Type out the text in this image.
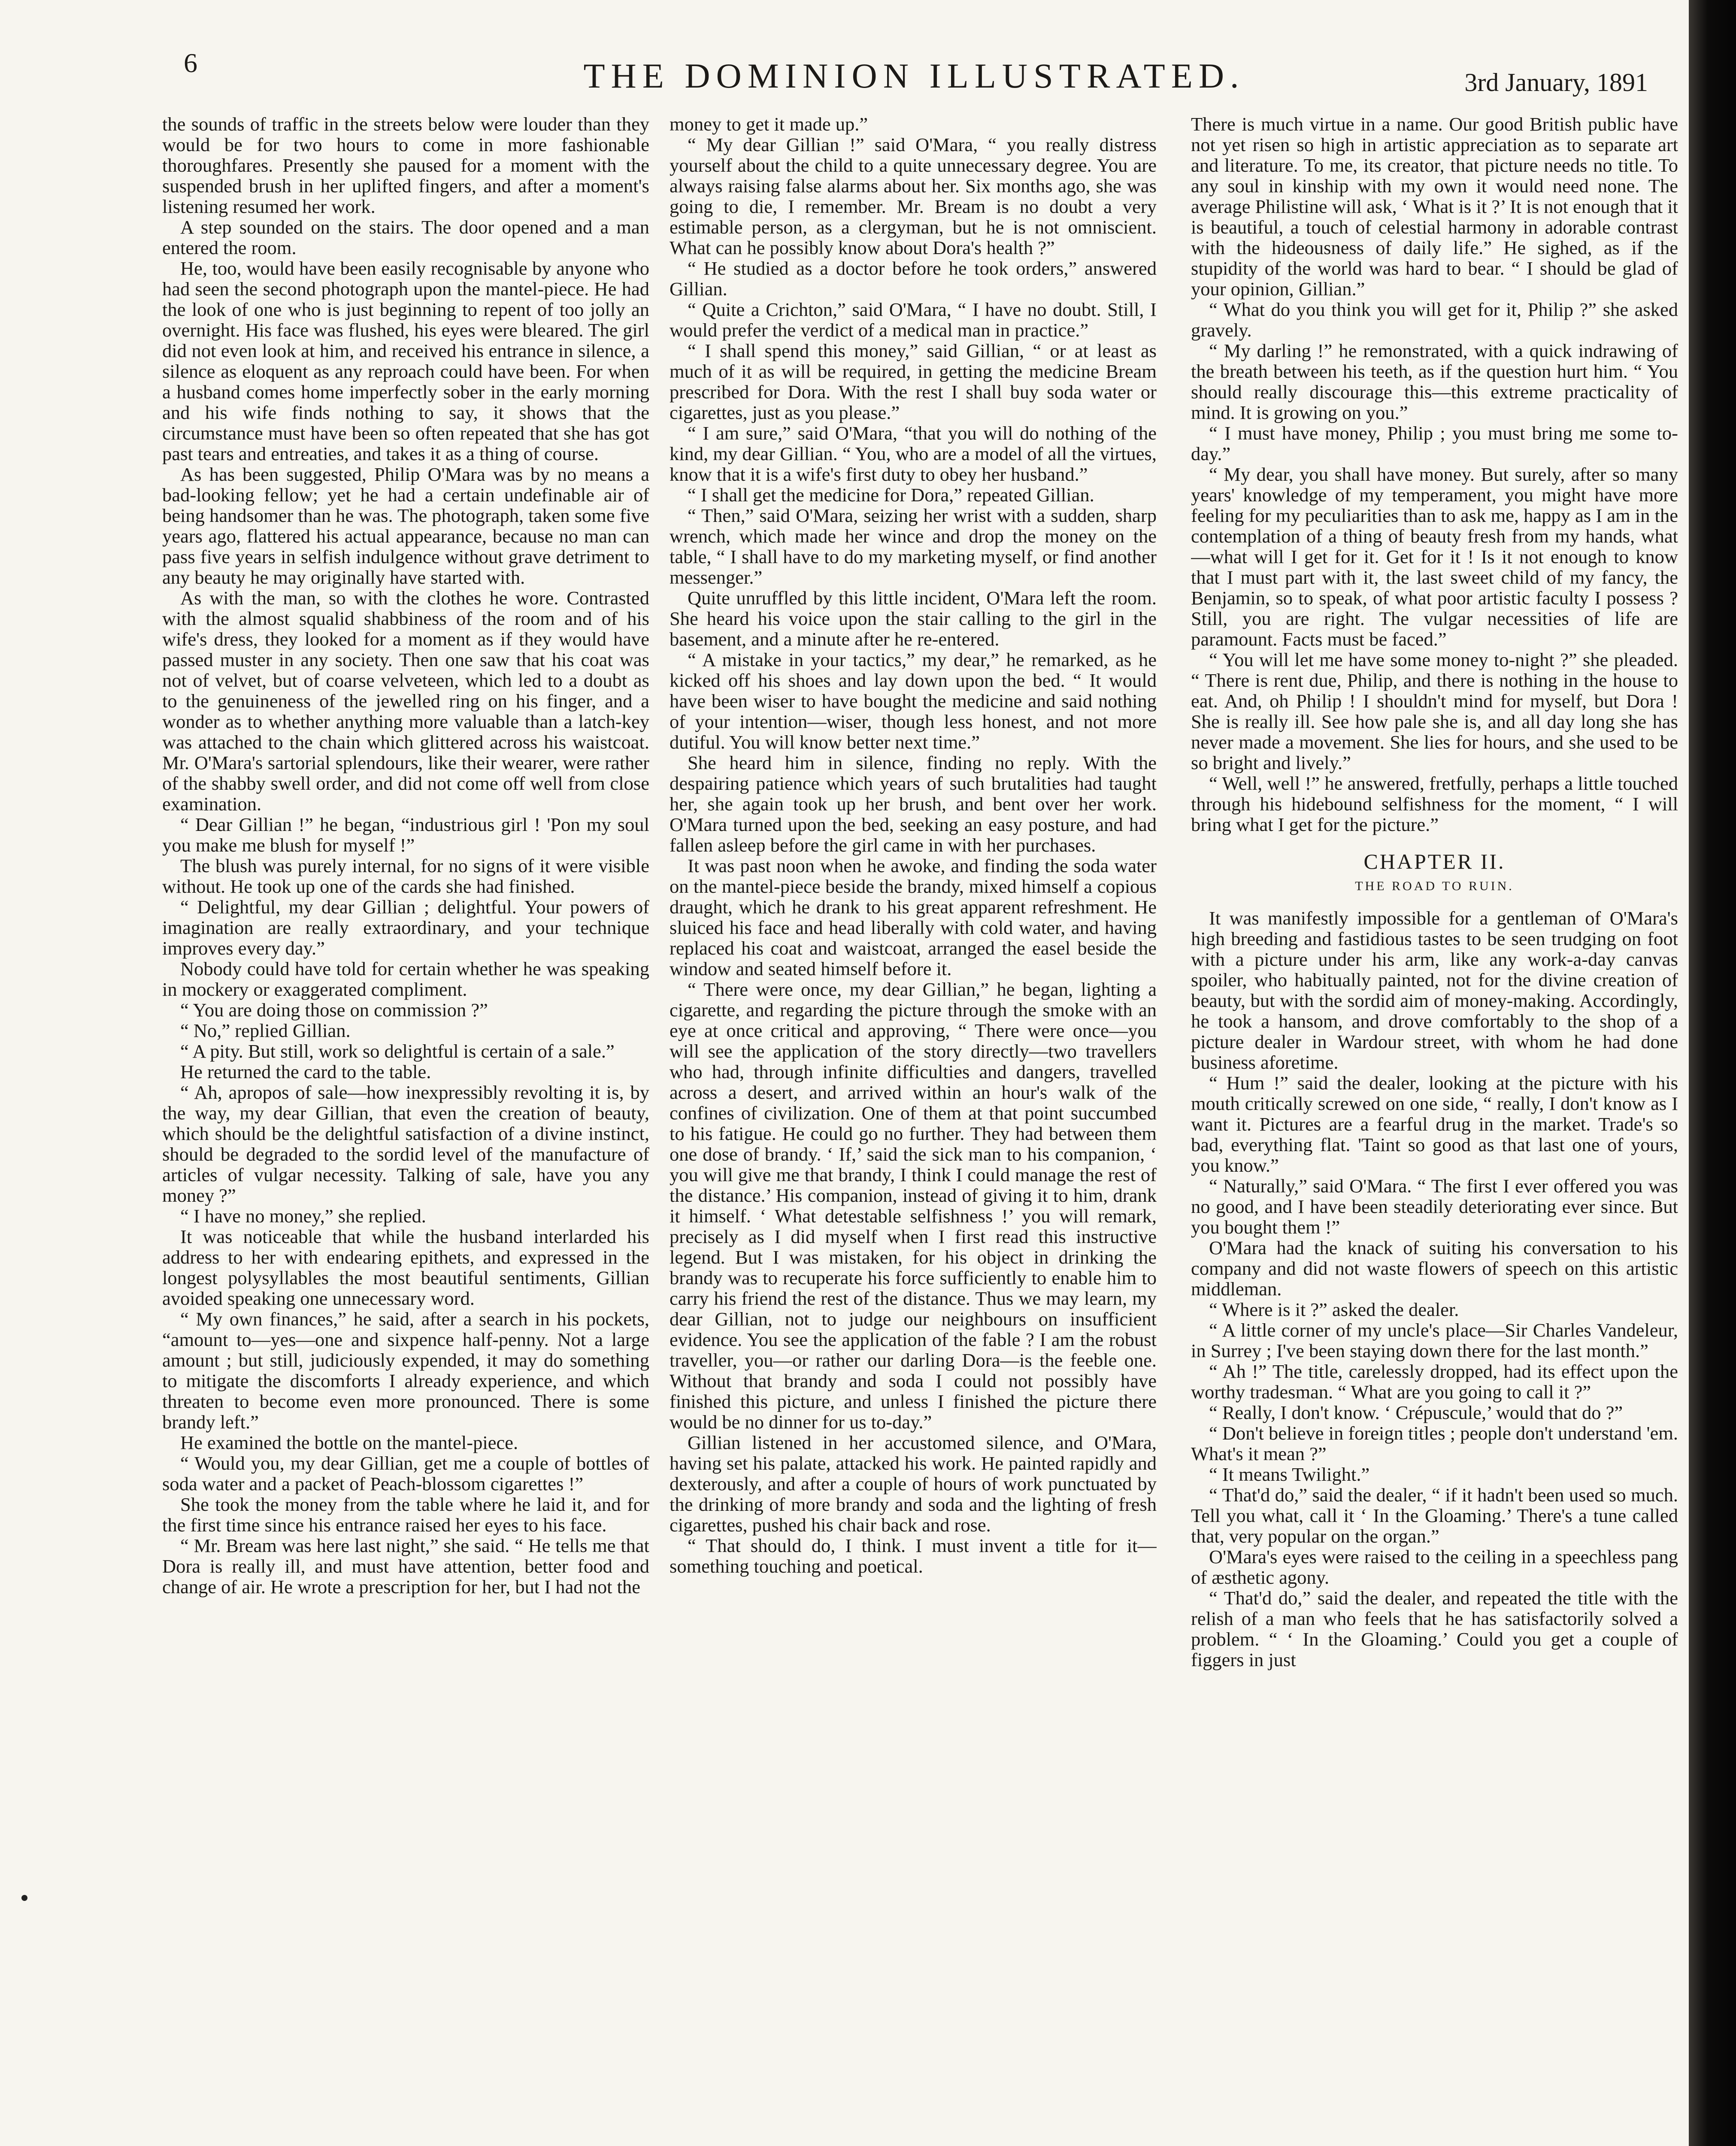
6	THE DOMINION ILLUSTRATED.	3rd January, 1891

the sounds of traffic in the streets below were louder than they would be for two hours to come in more fashionable thoroughfares. Presently she paused for a moment with the suspended brush in her uplifted fingers, and after a moment's listening resumed her work.

A step sounded on the stairs. The door opened and a man entered the room.

He, too, would have been easily recognisable by anyone who had seen the second photograph upon the mantel-piece. He had the look of one who is just beginning to repent of too jolly an overnight. His face was flushed, his eyes were bleared. The girl did not even look at him, and received his entrance in silence, a silence as eloquent as any reproach could have been. For when a husband comes home imperfectly sober in the early morning and his wife finds nothing to say, it shows that the circumstance must have been so often repeated that she has got past tears and entreaties, and takes it as a thing of course.

As has been suggested, Philip O'Mara was by no means a bad-looking fellow; yet he had a certain undefinable air of being handsomer than he was. The photograph, taken some five years ago, flattered his actual appearance, because no man can pass five years in selfish indulgence without grave detriment to any beauty he may originally have started with.

As with the man, so with the clothes he wore. Contrasted with the almost squalid shabbiness of the room and of his wife's dress, they looked for a moment as if they would have passed muster in any society. Then one saw that his coat was not of velvet, but of coarse velveteen, which led to a doubt as to the genuineness of the jewelled ring on his finger, and a wonder as to whether anything more valuable than a latch-key was attached to the chain which glittered across his waistcoat. Mr. O'Mara's sartorial splendours, like their wearer, were rather of the shabby swell order, and did not come off well from close examination.

“ Dear Gillian !” he began, “industrious girl ! 'Pon my soul you make me blush for myself !”

The blush was purely internal, for no signs of it were visible without. He took up one of the cards she had finished.

“ Delightful, my dear Gillian ; delightful. Your powers of imagination are really extraordinary, and your technique improves every day.”

Nobody could have told for certain whether he was speaking in mockery or exaggerated compliment.

“ You are doing those on commission ?”

“ No,” replied Gillian.

“ A pity. But still, work so delightful is certain of a sale.”

He returned the card to the table.

“ Ah, apropos of sale—how inexpressibly revolting it is, by the way, my dear Gillian, that even the creation of beauty, which should be the delightful satisfaction of a divine instinct, should be degraded to the sordid level of the manufacture of articles of vulgar necessity. Talking of sale, have you any money ?”

“ I have no money,” she replied.

It was noticeable that while the husband interlarded his address to her with endearing epithets, and expressed in the longest polysyllables the most beautiful sentiments, Gillian avoided speaking one unnecessary word.

“ My own finances,” he said, after a search in his pockets, “amount to—yes—one and sixpence half-penny. Not a large amount ; but still, judiciously expended, it may do something to mitigate the discomforts I already experience, and which threaten to become even more pronounced. There is some brandy left.”

He examined the bottle on the mantel-piece.

“ Would you, my dear Gillian, get me a couple of bottles of soda water and a packet of Peach-blossom cigarettes !”

She took the money from the table where he laid it, and for the first time since his entrance raised her eyes to his face.

“ Mr. Bream was here last night,” she said. “ He tells me that Dora is really ill, and must have attention, better food and change of air. He wrote a prescription for her, but I had not the

money to get it made up.”

“ My dear Gillian !” said O'Mara, “ you really distress yourself about the child to a quite unnecessary degree. You are always raising false alarms about her. Six months ago, she was going to die, I remember. Mr. Bream is no doubt a very estimable person, as a clergyman, but he is not omniscient. What can he possibly know about Dora's health ?”

“ He studied as a doctor before he took orders,” answered Gillian.

“ Quite a Crichton,” said O'Mara, “ I have no doubt. Still, I would prefer the verdict of a medical man in practice.”

“ I shall spend this money,” said Gillian, “ or at least as much of it as will be required, in getting the medicine Bream prescribed for Dora. With the rest I shall buy soda water or cigarettes, just as you please.”

“ I am sure,” said O'Mara, “that you will do nothing of the kind, my dear Gillian. “ You, who are a model of all the virtues, know that it is a wife's first duty to obey her husband.”

“ I shall get the medicine for Dora,” repeated Gillian.

“ Then,” said O'Mara, seizing her wrist with a sudden, sharp wrench, which made her wince and drop the money on the table, “ I shall have to do my marketing myself, or find another messenger.”

Quite unruffled by this little incident, O'Mara left the room. She heard his voice upon the stair calling to the girl in the basement, and a minute after he re-entered.

“ A mistake in your tactics,” my dear,” he remarked, as he kicked off his shoes and lay down upon the bed. “ It would have been wiser to have bought the medicine and said nothing of your intention—wiser, though less honest, and not more dutiful. You will know better next time.”

She heard him in silence, finding no reply. With the despairing patience which years of such brutalities had taught her, she again took up her brush, and bent over her work. O'Mara turned upon the bed, seeking an easy posture, and had fallen asleep before the girl came in with her purchases.

It was past noon when he awoke, and finding the soda water on the mantel-piece beside the brandy, mixed himself a copious draught, which he drank to his great apparent refreshment. He sluiced his face and head liberally with cold water, and having replaced his coat and waistcoat, arranged the easel beside the window and seated himself before it.

“ There were once, my dear Gillian,” he began, lighting a cigarette, and regarding the picture through the smoke with an eye at once critical and approving, “ There were once—you will see the application of the story directly—two travellers who had, through infinite difficulties and dangers, travelled across a desert, and arrived within an hour's walk of the confines of civilization. One of them at that point succumbed to his fatigue. He could go no further. They had between them one dose of brandy. ‘ If,’ said the sick man to his companion, ‘ you will give me that brandy, I think I could manage the rest of the distance.’ His companion, instead of giving it to him, drank it himself. ‘ What detestable selfishness !’ you will remark, precisely as I did myself when I first read this instructive legend. But I was mistaken, for his object in drinking the brandy was to recuperate his force sufficiently to enable him to carry his friend the rest of the distance. Thus we may learn, my dear Gillian, not to judge our neighbours on insufficient evidence. You see the application of the fable ? I am the robust traveller, you—or rather our darling Dora—is the feeble one. Without that brandy and soda I could not possibly have finished this picture, and unless I finished the picture there would be no dinner for us to-day.”

Gillian listened in her accustomed silence, and O'Mara, having set his palate, attacked his work. He painted rapidly and dexterously, and after a couple of hours of work punctuated by the drinking of more brandy and soda and the lighting of fresh cigarettes, pushed his chair back and rose.

“ That should do, I think. I must invent a title for it—something touching and poetical.

There is much virtue in a name. Our good British public have not yet risen so high in artistic appreciation as to separate art and literature. To me, its creator, that picture needs no title. To any soul in kinship with my own it would need none. The average Philistine will ask, ‘ What is it ?’ It is not enough that it is beautiful, a touch of celestial harmony in adorable contrast with the hideousness of daily life.” He sighed, as if the stupidity of the world was hard to bear. “ I should be glad of your opinion, Gillian.”

“ What do you think you will get for it, Philip ?” she asked gravely.

“ My darling !” he remonstrated, with a quick indrawing of the breath between his teeth, as if the question hurt him. “ You should really discourage this—this extreme practicality of mind. It is growing on you.”

“ I must have money, Philip ; you must bring me some to-day.”

“ My dear, you shall have money. But surely, after so many years' knowledge of my temperament, you might have more feeling for my peculiarities than to ask me, happy as I am in the contemplation of a thing of beauty fresh from my hands, what—what will I get for it. Get for it ! Is it not enough to know that I must part with it, the last sweet child of my fancy, the Benjamin, so to speak, of what poor artistic faculty I possess ? Still, you are right. The vulgar necessities of life are paramount. Facts must be faced.”

“ You will let me have some money to-night ?” she pleaded. “ There is rent due, Philip, and there is nothing in the house to eat. And, oh Philip ! I shouldn't mind for myself, but Dora ! She is really ill. See how pale she is, and all day long she has never made a movement. She lies for hours, and she used to be so bright and lively.”

“ Well, well !” he answered, fretfully, perhaps a little touched through his hidebound selfishness for the moment, “ I will bring what I get for the picture.”

CHAPTER II.
THE ROAD TO RUIN.

It was manifestly impossible for a gentleman of O'Mara's high breeding and fastidious tastes to be seen trudging on foot with a picture under his arm, like any work-a-day canvas spoiler, who habitually painted, not for the divine creation of beauty, but with the sordid aim of money-making. Accordingly, he took a hansom, and drove comfortably to the shop of a picture dealer in Wardour street, with whom he had done business aforetime.

“ Hum !” said the dealer, looking at the picture with his mouth critically screwed on one side, “ really, I don't know as I want it. Pictures are a fearful drug in the market. Trade's so bad, everything flat. 'Taint so good as that last one of yours, you know.”

“ Naturally,” said O'Mara. “ The first I ever offered you was no good, and I have been steadily deteriorating ever since. But you bought them !”

O'Mara had the knack of suiting his conversation to his company and did not waste flowers of speech on this artistic middleman.

“ Where is it ?” asked the dealer.

“ A little corner of my uncle's place—Sir Charles Vandeleur, in Surrey ; I've been staying down there for the last month.”

“ Ah !” The title, carelessly dropped, had its effect upon the worthy tradesman. “ What are you going to call it ?”

“ Really, I don't know. ‘ Crépuscule,’ would that do ?”

“ Don't believe in foreign titles ; people don't understand 'em. What's it mean ?”

“ It means Twilight.”

“ That'd do,” said the dealer, “ if it hadn't been used so much. Tell you what, call it ‘ In the Gloaming.’ There's a tune called that, very popular on the organ.”

O'Mara's eyes were raised to the ceiling in a speechless pang of æsthetic agony.

“ That'd do,” said the dealer, and repeated the title with the relish of a man who feels that he has satisfactorily solved a problem. “ ‘ In the Gloaming.’ Could you get a couple of figgers in just
